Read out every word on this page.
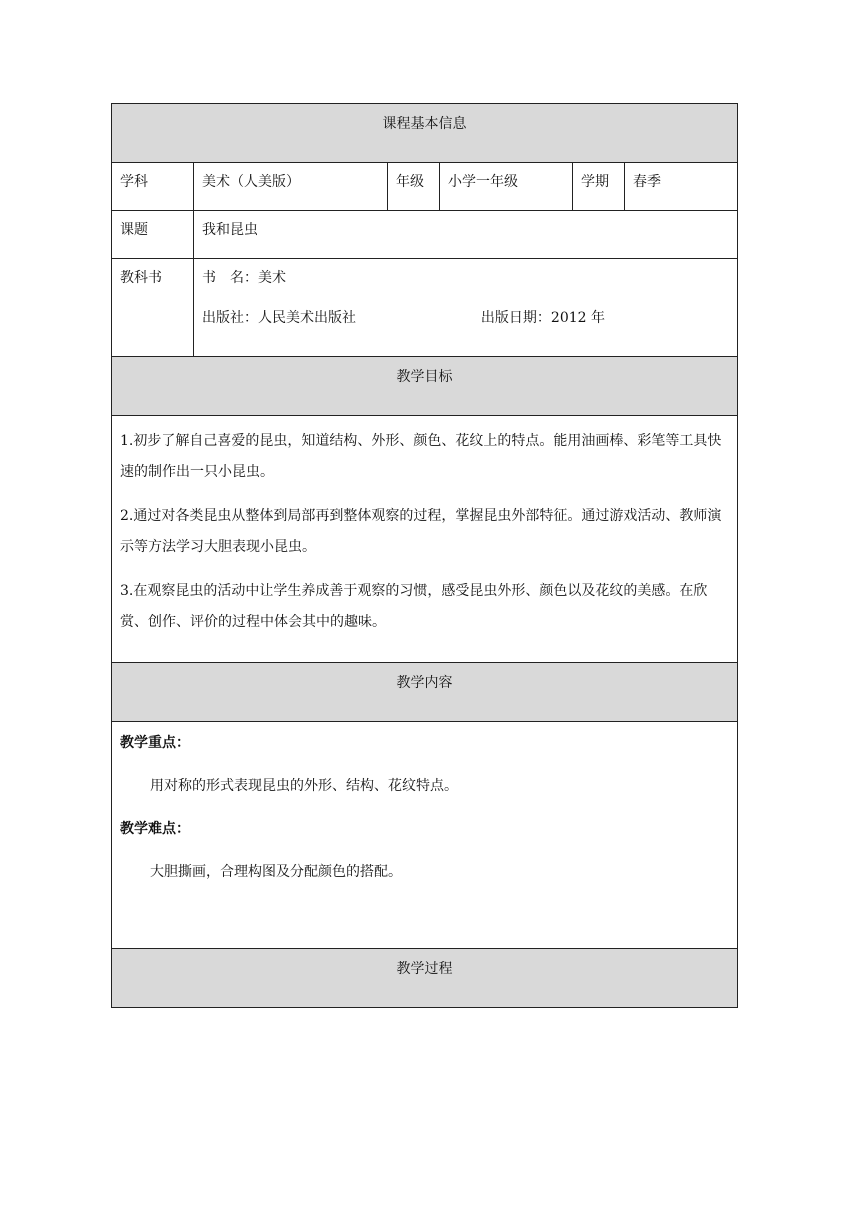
课程基本信息					
学科	美术（人美版）	年级	小学一年级	学期	春季
课题	我和昆虫				
教科书	书　名：美术
出版社：人民美术出版社 出版日期：2012 年				

教学目标					

1.初步了解自己喜爱的昆虫，知道结构、外形、颜色、花纹上的特点。能用油画棒、彩笔等工具快速的制作出一只小昆虫。

2.通过对各类昆虫从整体到局部再到整体观察的过程，掌握昆虫外部特征。通过游戏活动、教师演示等方法学习大胆表现小昆虫。

3.在观察昆虫的活动中让学生养成善于观察的习惯，感受昆虫外形、颜色以及花纹的美感。在欣赏、创作、评价的过程中体会其中的趣味。					

教学内容					

教学重点：
用对称的形式表现昆虫的外形、结构、花纹特点。
教学难点：
大胆撕画，合理构图及分配颜色的搭配。					

教学过程					
